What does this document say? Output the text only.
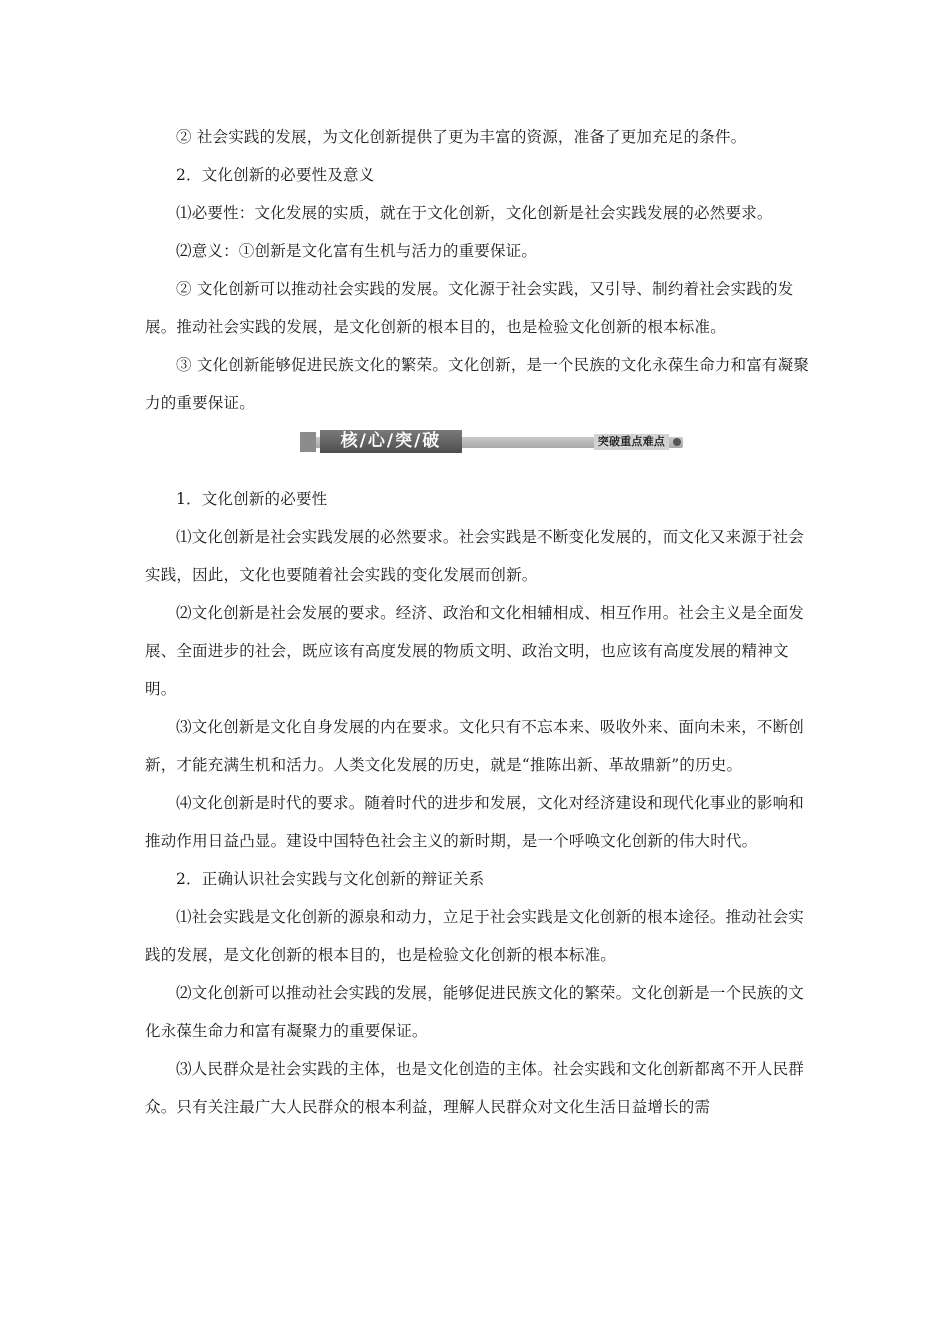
② 社会实践的发展，为文化创新提供了更为丰富的资源，准备了更加充足的条件。

2．文化创新的必要性及意义

⑴必要性：文化发展的实质，就在于文化创新，文化创新是社会实践发展的必然要求。

⑵意义：①创新是文化富有生机与活力的重要保证。

② 文化创新可以推动社会实践的发展。文化源于社会实践，又引导、制约着社会实践的发展。推动社会实践的发展，是文化创新的根本目的，也是检验文化创新的根本标准。

③ 文化创新能够促进民族文化的繁荣。文化创新，是一个民族的文化永葆生命力和富有凝聚力的重要保证。

核/心/突/破	突破重点难点

1．文化创新的必要性

⑴文化创新是社会实践发展的必然要求。社会实践是不断变化发展的，而文化又来源于社会实践，因此，文化也要随着社会实践的变化发展而创新。

⑵文化创新是社会发展的要求。经济、政治和文化相辅相成、相互作用。社会主义是全面发展、全面进步的社会，既应该有高度发展的物质文明、政治文明，也应该有高度发展的精神文明。

⑶文化创新是文化自身发展的内在要求。文化只有不忘本来、吸收外来、面向未来，不断创新，才能充满生机和活力。人类文化发展的历史，就是“推陈出新、革故鼎新”的历史。

⑷文化创新是时代的要求。随着时代的进步和发展，文化对经济建设和现代化事业的影响和推动作用日益凸显。建设中国特色社会主义的新时期，是一个呼唤文化创新的伟大时代。

2．正确认识社会实践与文化创新的辩证关系

⑴社会实践是文化创新的源泉和动力，立足于社会实践是文化创新的根本途径。推动社会实践的发展，是文化创新的根本目的，也是检验文化创新的根本标准。

⑵文化创新可以推动社会实践的发展，能够促进民族文化的繁荣。文化创新是一个民族的文化永葆生命力和富有凝聚力的重要保证。

⑶人民群众是社会实践的主体，也是文化创造的主体。社会实践和文化创新都离不开人民群众。只有关注最广大人民群众的根本利益，理解人民群众对文化生活日益增长的需
